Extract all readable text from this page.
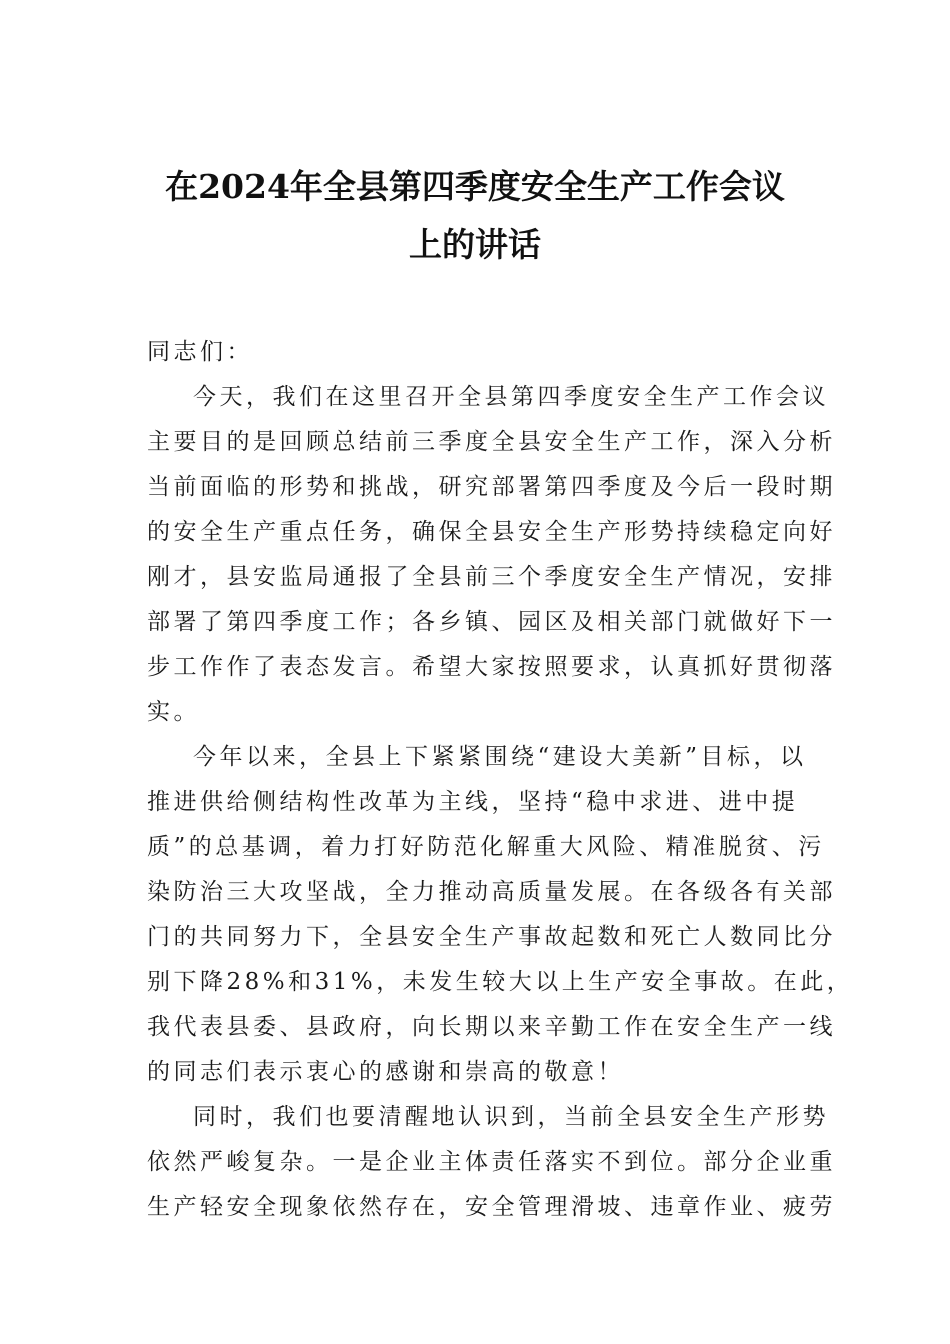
在2024年全县第四季度安全生产工作会议
上的讲话
同志们：
今天，我们在这里召开全县第四季度安全生产工作会议
主要目的是回顾总结前三季度全县安全生产工作，深入分析
当前面临的形势和挑战，研究部署第四季度及今后一段时期
的安全生产重点任务，确保全县安全生产形势持续稳定向好
刚才，县安监局通报了全县前三个季度安全生产情况，安排
部署了第四季度工作；各乡镇、园区及相关部门就做好下一
步工作作了表态发言。希望大家按照要求，认真抓好贯彻落
实。
今年以来，全县上下紧紧围绕“建设大美新”目标，以
推进供给侧结构性改革为主线，坚持“稳中求进、进中提
质”的总基调，着力打好防范化解重大风险、精准脱贫、污
染防治三大攻坚战，全力推动高质量发展。在各级各有关部
门的共同努力下，全县安全生产事故起数和死亡人数同比分
别下降28%和31%，未发生较大以上生产安全事故。在此，
我代表县委、县政府，向长期以来辛勤工作在安全生产一线
的同志们表示衷心的感谢和崇高的敬意！
同时，我们也要清醒地认识到，当前全县安全生产形势
依然严峻复杂。一是企业主体责任落实不到位。部分企业重
生产轻安全现象依然存在，安全管理滑坡、违章作业、疲劳
